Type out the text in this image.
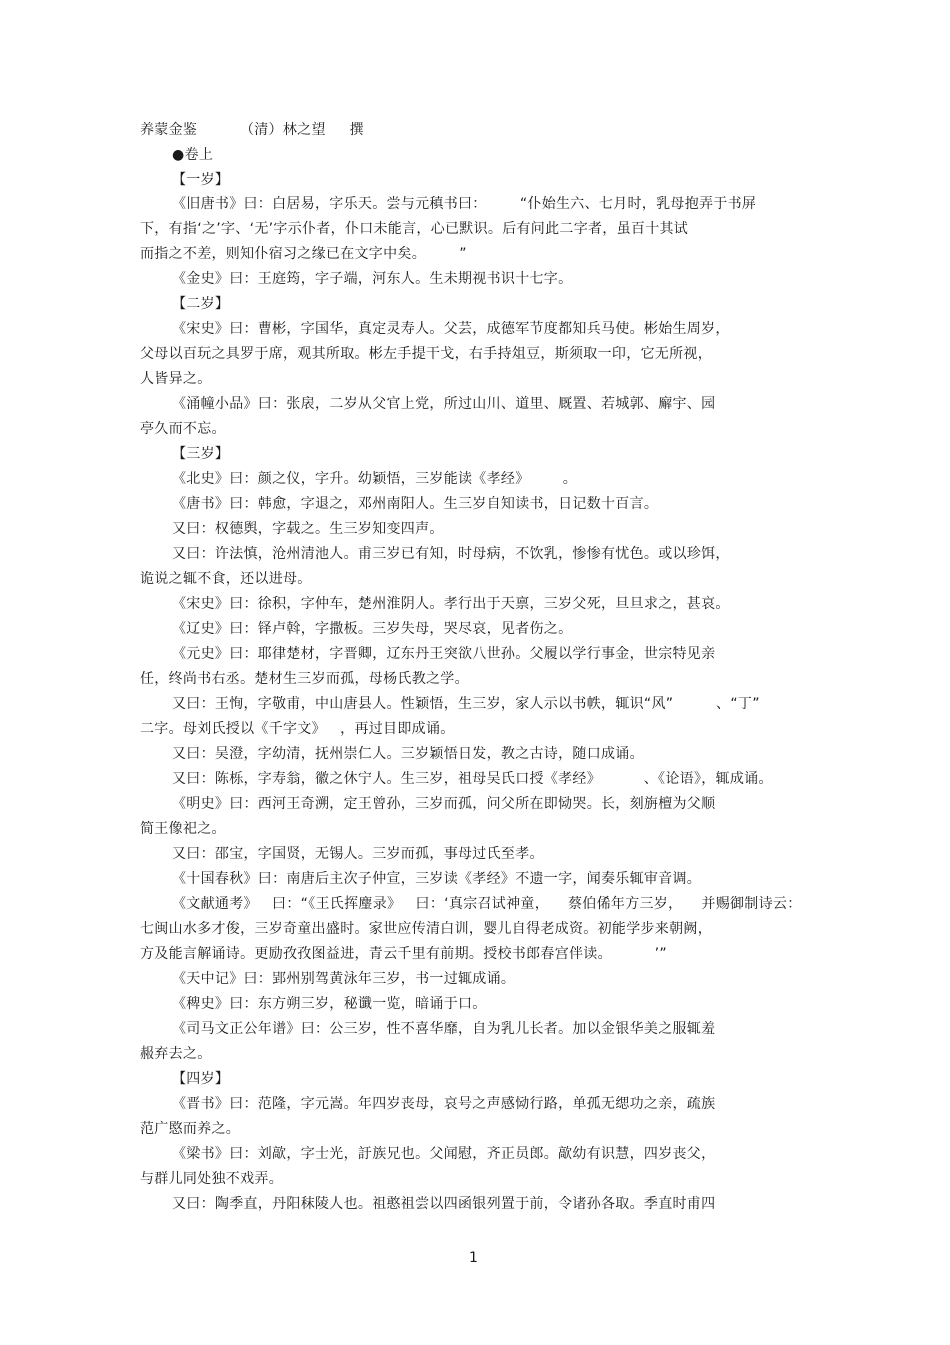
养蒙金鉴         （清）林之望     撰
●卷上
【一岁】
《旧唐书》曰：白居易，字乐天。尝与元稹书曰：       “仆始生六、七月时，乳母抱弄于书屏
下，有指‘之’字、‘无’字示仆者，仆口未能言，心已默识。后有问此二字者，虽百十其试
而指之不差，则知仆宿习之缘已在文字中矣。       ”
《金史》曰：王庭筠，字子端，河东人。生未期视书识十七字。
【二岁】
《宋史》曰：曹彬，字国华，真定灵寿人。父芸，成德军节度都知兵马使。彬始生周岁，
父母以百玩之具罗于席，观其所取。彬左手提干戈，右手持俎豆，斯须取一印，它无所视，
人皆异之。
《涌幢小品》曰：张扆，二岁从父官上党，所过山川、道里、厩置、若城郭、廨宇、园
亭久而不忘。
【三岁】
《北史》曰：颜之仪，字升。幼颖悟，三岁能读《孝经》       。
《唐书》曰：韩愈，字退之，邓州南阳人。生三岁自知读书，日记数十百言。
又曰：权德舆，字载之。生三岁知变四声。
又曰：许法慎，沧州清池人。甫三岁已有知，时母病，不饮乳，惨惨有忧色。或以珍饵，
诡说之辄不食，还以进母。
《宋史》曰：徐积，字仲车，楚州淮阴人。孝行出于天禀，三岁父死，旦旦求之，甚哀。
《辽史》曰：铎卢斡，字撒板。三岁失母，哭尽哀，见者伤之。
《元史》曰：耶律楚材，字晋卿，辽东丹王突欲八世孙。父履以学行事金，世宗特见亲
任，终尚书右丞。楚材生三岁而孤，母杨氏教之学。
又曰：王恂，字敬甫，中山唐县人。性颖悟，生三岁，家人示以书帙，辄识“风”         、“丁”
二字。母刘氏授以《千字文》   ，再过目即成诵。
又曰：吴澄，字幼清，抚州崇仁人。三岁颖悟日发，教之古诗，随口成诵。
又曰：陈栎，字寿翁，徽之休宁人。生三岁，祖母吴氏口授《孝经》         、《论语》，辄成诵。
《明史》曰：西河王奇溯，定王曾孙，三岁而孤，问父所在即恸哭。长，刻旃檀为父顺
简王像祀之。
又曰：邵宝，字国贤，无锡人。三岁而孤，事母过氏至孝。
《十国春秋》曰：南唐后主次子仲宣，三岁读《孝经》不遗一字，闻奏乐辄审音调。
《文献通考》   曰：“《王氏挥麈录》   曰：‘真宗召试神童，    蔡伯俙年方三岁，    并赐御制诗云：
七闽山水多才俊，三岁奇童出盛时。家世应传清白训，婴儿自得老成资。初能学步来朝阙，
方及能言解诵诗。更励孜孜图益进，青云千里有前期。授校书郎春宫伴读。         ’”
《天中记》曰：郢州别驾黄泳年三岁，书一过辄成诵。
《稗史》曰：东方朔三岁，秘谶一览，暗诵于口。
《司马文正公年谱》曰：公三岁，性不喜华靡，自为乳儿长者。加以金银华美之服辄羞
赧弃去之。
【四岁】
《晋书》曰：范隆，字元嵩。年四岁丧母，哀号之声感恸行路，单孤无缌功之亲，疏族
范广愍而养之。
《梁书》曰：刘歊，字士光，訏族兄也。父闻慰，齐正员郎。歊幼有识慧，四岁丧父，
与群儿同处独不戏弄。
又曰：陶季直，丹阳秣陵人也。祖憨祖尝以四函银列置于前，令诸孙各取。季直时甫四
1
